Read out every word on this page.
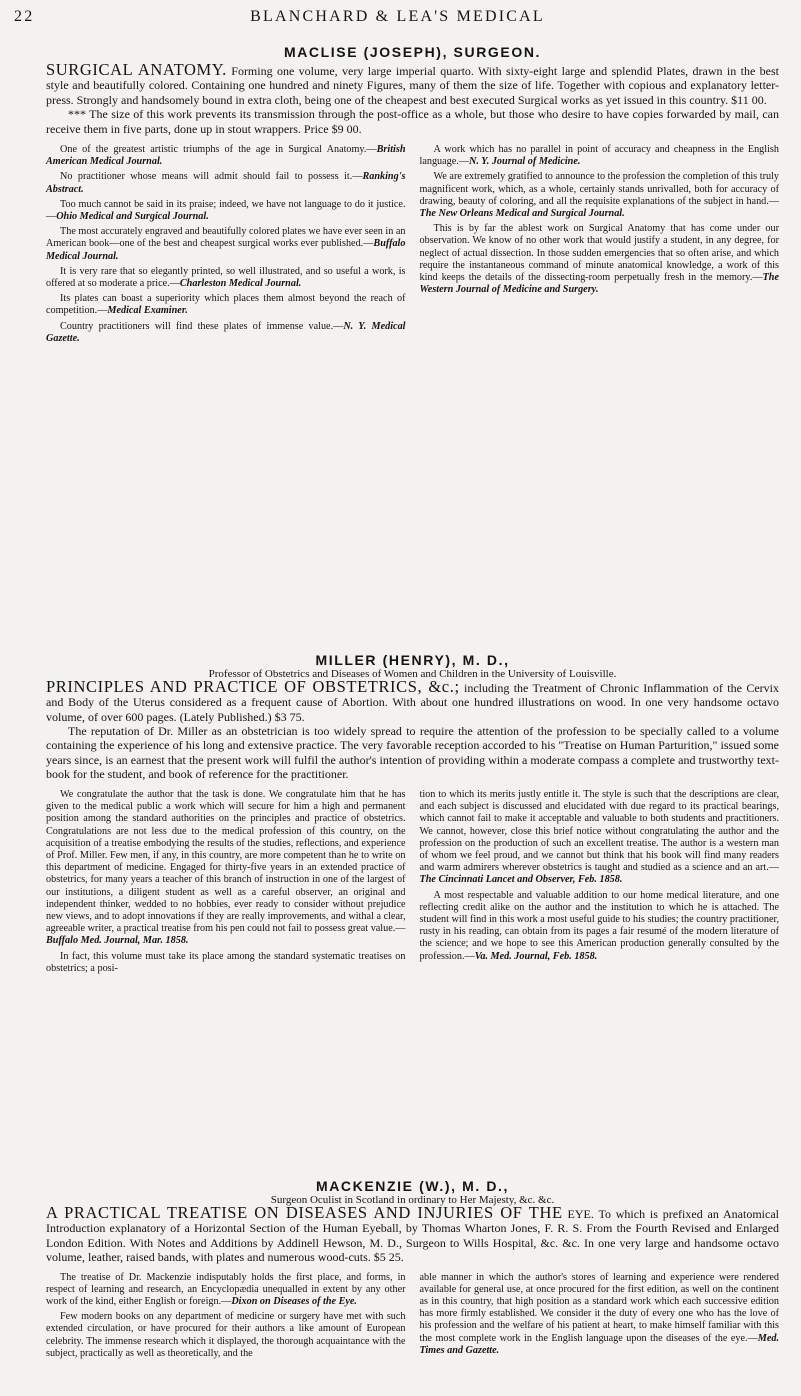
22	BLANCHARD & LEA'S MEDICAL
MACLISE (JOSEPH), SURGEON.

SURGICAL ANATOMY. Forming one volume, very large imperial quarto. With sixty-eight large and splendid Plates, drawn in the best style and beautifully colored. Containing one hundred and ninety Figures, many of them the size of life. Together with copious and explanatory letter-press. Strongly and handsomely bound in extra cloth, being one of the cheapest and best executed Surgical works as yet issued in this country. $11 00.

*** The size of this work prevents its transmission through the post-office as a whole, but those who desire to have copies forwarded by mail, can receive them in five parts, done up in stout wrappers. Price $9 00.

One of the greatest artistic triumphs of the age in Surgical Anatomy.—British American Medical Journal.

No practitioner whose means will admit should fail to possess it.—Ranking's Abstract.

Too much cannot be said in its praise; indeed, we have not language to do it justice.—Ohio Medical and Surgical Journal.

The most accurately engraved and beautifully colored plates we have ever seen in an American book—one of the best and cheapest surgical works ever published.—Buffalo Medical Journal.

It is very rare that so elegantly printed, so well illustrated, and so useful a work, is offered at so moderate a price.—Charleston Medical Journal.

Its plates can boast a superiority which places them almost beyond the reach of competition.—Medical Examiner.

Country practitioners will find these plates of immense value.—N. Y. Medical Gazette.

A work which has no parallel in point of accuracy and cheapness in the English language.—N. Y. Journal of Medicine.

We are extremely gratified to announce to the profession the completion of this truly magnificent work, which, as a whole, certainly stands unrivalled, both for accuracy of drawing, beauty of coloring, and all the requisite explanations of the subject in hand.—The New Orleans Medical and Surgical Journal.

This is by far the ablest work on Surgical Anatomy that has come under our observation. We know of no other work that would justify a student, in any degree, for neglect of actual dissection. In those sudden emergencies that so often arise, and which require the instantaneous command of minute anatomical knowledge, a work of this kind keeps the details of the dissecting-room perpetually fresh in the memory.—The Western Journal of Medicine and Surgery.

MILLER (HENRY), M. D.,

Professor of Obstetrics and Diseases of Women and Children in the University of Louisville.

PRINCIPLES AND PRACTICE OF OBSTETRICS, &c.; including the Treatment of Chronic Inflammation of the Cervix and Body of the Uterus considered as a frequent cause of Abortion. With about one hundred illustrations on wood. In one very handsome octavo volume, of over 600 pages. (Lately Published.) $3 75.

The reputation of Dr. Miller as an obstetrician is too widely spread to require the attention of the profession to be specially called to a volume containing the experience of his long and extensive practice. The very favorable reception accorded to his "Treatise on Human Parturition," issued some years since, is an earnest that the present work will fulfil the author's intention of providing within a moderate compass a complete and trustworthy text-book for the student, and book of reference for the practitioner.

We congratulate the author that the task is done. We congratulate him that he has given to the medical public a work which will secure for him a high and permanent position among the standard authorities on the principles and practice of obstetrics. Congratulations are not less due to the medical profession of this country, on the acquisition of a treatise embodying the results of the studies, reflections, and experience of Prof. Miller. Few men, if any, in this country, are more competent than he to write on this department of medicine. Engaged for thirty-five years in an extended practice of obstetrics, for many years a teacher of this branch of instruction in one of the largest of our institutions, a diligent student as well as a careful observer, an original and independent thinker, wedded to no hobbies, ever ready to consider without prejudice new views, and to adopt innovations if they are really improvements, and withal a clear, agreeable writer, a practical treatise from his pen could not fail to possess great value.—Buffalo Med. Journal, Mar. 1858.

In fact, this volume must take its place among the standard systematic treatises on obstetrics; a posi-

tion to which its merits justly entitle it. The style is such that the descriptions are clear, and each subject is discussed and elucidated with due regard to its practical bearings, which cannot fail to make it acceptable and valuable to both students and practitioners. We cannot, however, close this brief notice without congratulating the author and the profession on the production of such an excellent treatise. The author is a western man of whom we feel proud, and we cannot but think that his book will find many readers and warm admirers wherever obstetrics is taught and studied as a science and an art.—The Cincinnati Lancet and Observer, Feb. 1858.

A most respectable and valuable addition to our home medical literature, and one reflecting credit alike on the author and the institution to which he is attached. The student will find in this work a most useful guide to his studies; the country practitioner, rusty in his reading, can obtain from its pages a fair resumé of the modern literature of the science; and we hope to see this American production generally consulted by the profession.—Va. Med. Journal, Feb. 1858.

MACKENZIE (W.), M. D.,

Surgeon Oculist in Scotland in ordinary to Her Majesty, &c. &c.

A PRACTICAL TREATISE ON DISEASES AND INJURIES OF THE EYE. To which is prefixed an Anatomical Introduction explanatory of a Horizontal Section of the Human Eyeball, by Thomas Wharton Jones, F. R. S. From the Fourth Revised and Enlarged London Edition. With Notes and Additions by Addinell Hewson, M. D., Surgeon to Wills Hospital, &c. &c. In one very large and handsome octavo volume, leather, raised bands, with plates and numerous wood-cuts. $5 25.

The treatise of Dr. Mackenzie indisputably holds the first place, and forms, in respect of learning and research, an Encyclopædia unequalled in extent by any other work of the kind, either English or foreign.—Dixon on Diseases of the Eye.

Few modern books on any department of medicine or surgery have met with such extended circulation, or have procured for their authors a like amount of European celebrity. The immense research which it displayed, the thorough acquaintance with the subject, practically as well as theoretically, and the

able manner in which the author's stores of learning and experience were rendered available for general use, at once procured for the first edition, as well on the continent as in this country, that high position as a standard work which each successive edition has more firmly established. We consider it the duty of every one who has the love of his profession and the welfare of his patient at heart, to make himself familiar with this the most complete work in the English language upon the diseases of the eye.—Med. Times and Gazette.
